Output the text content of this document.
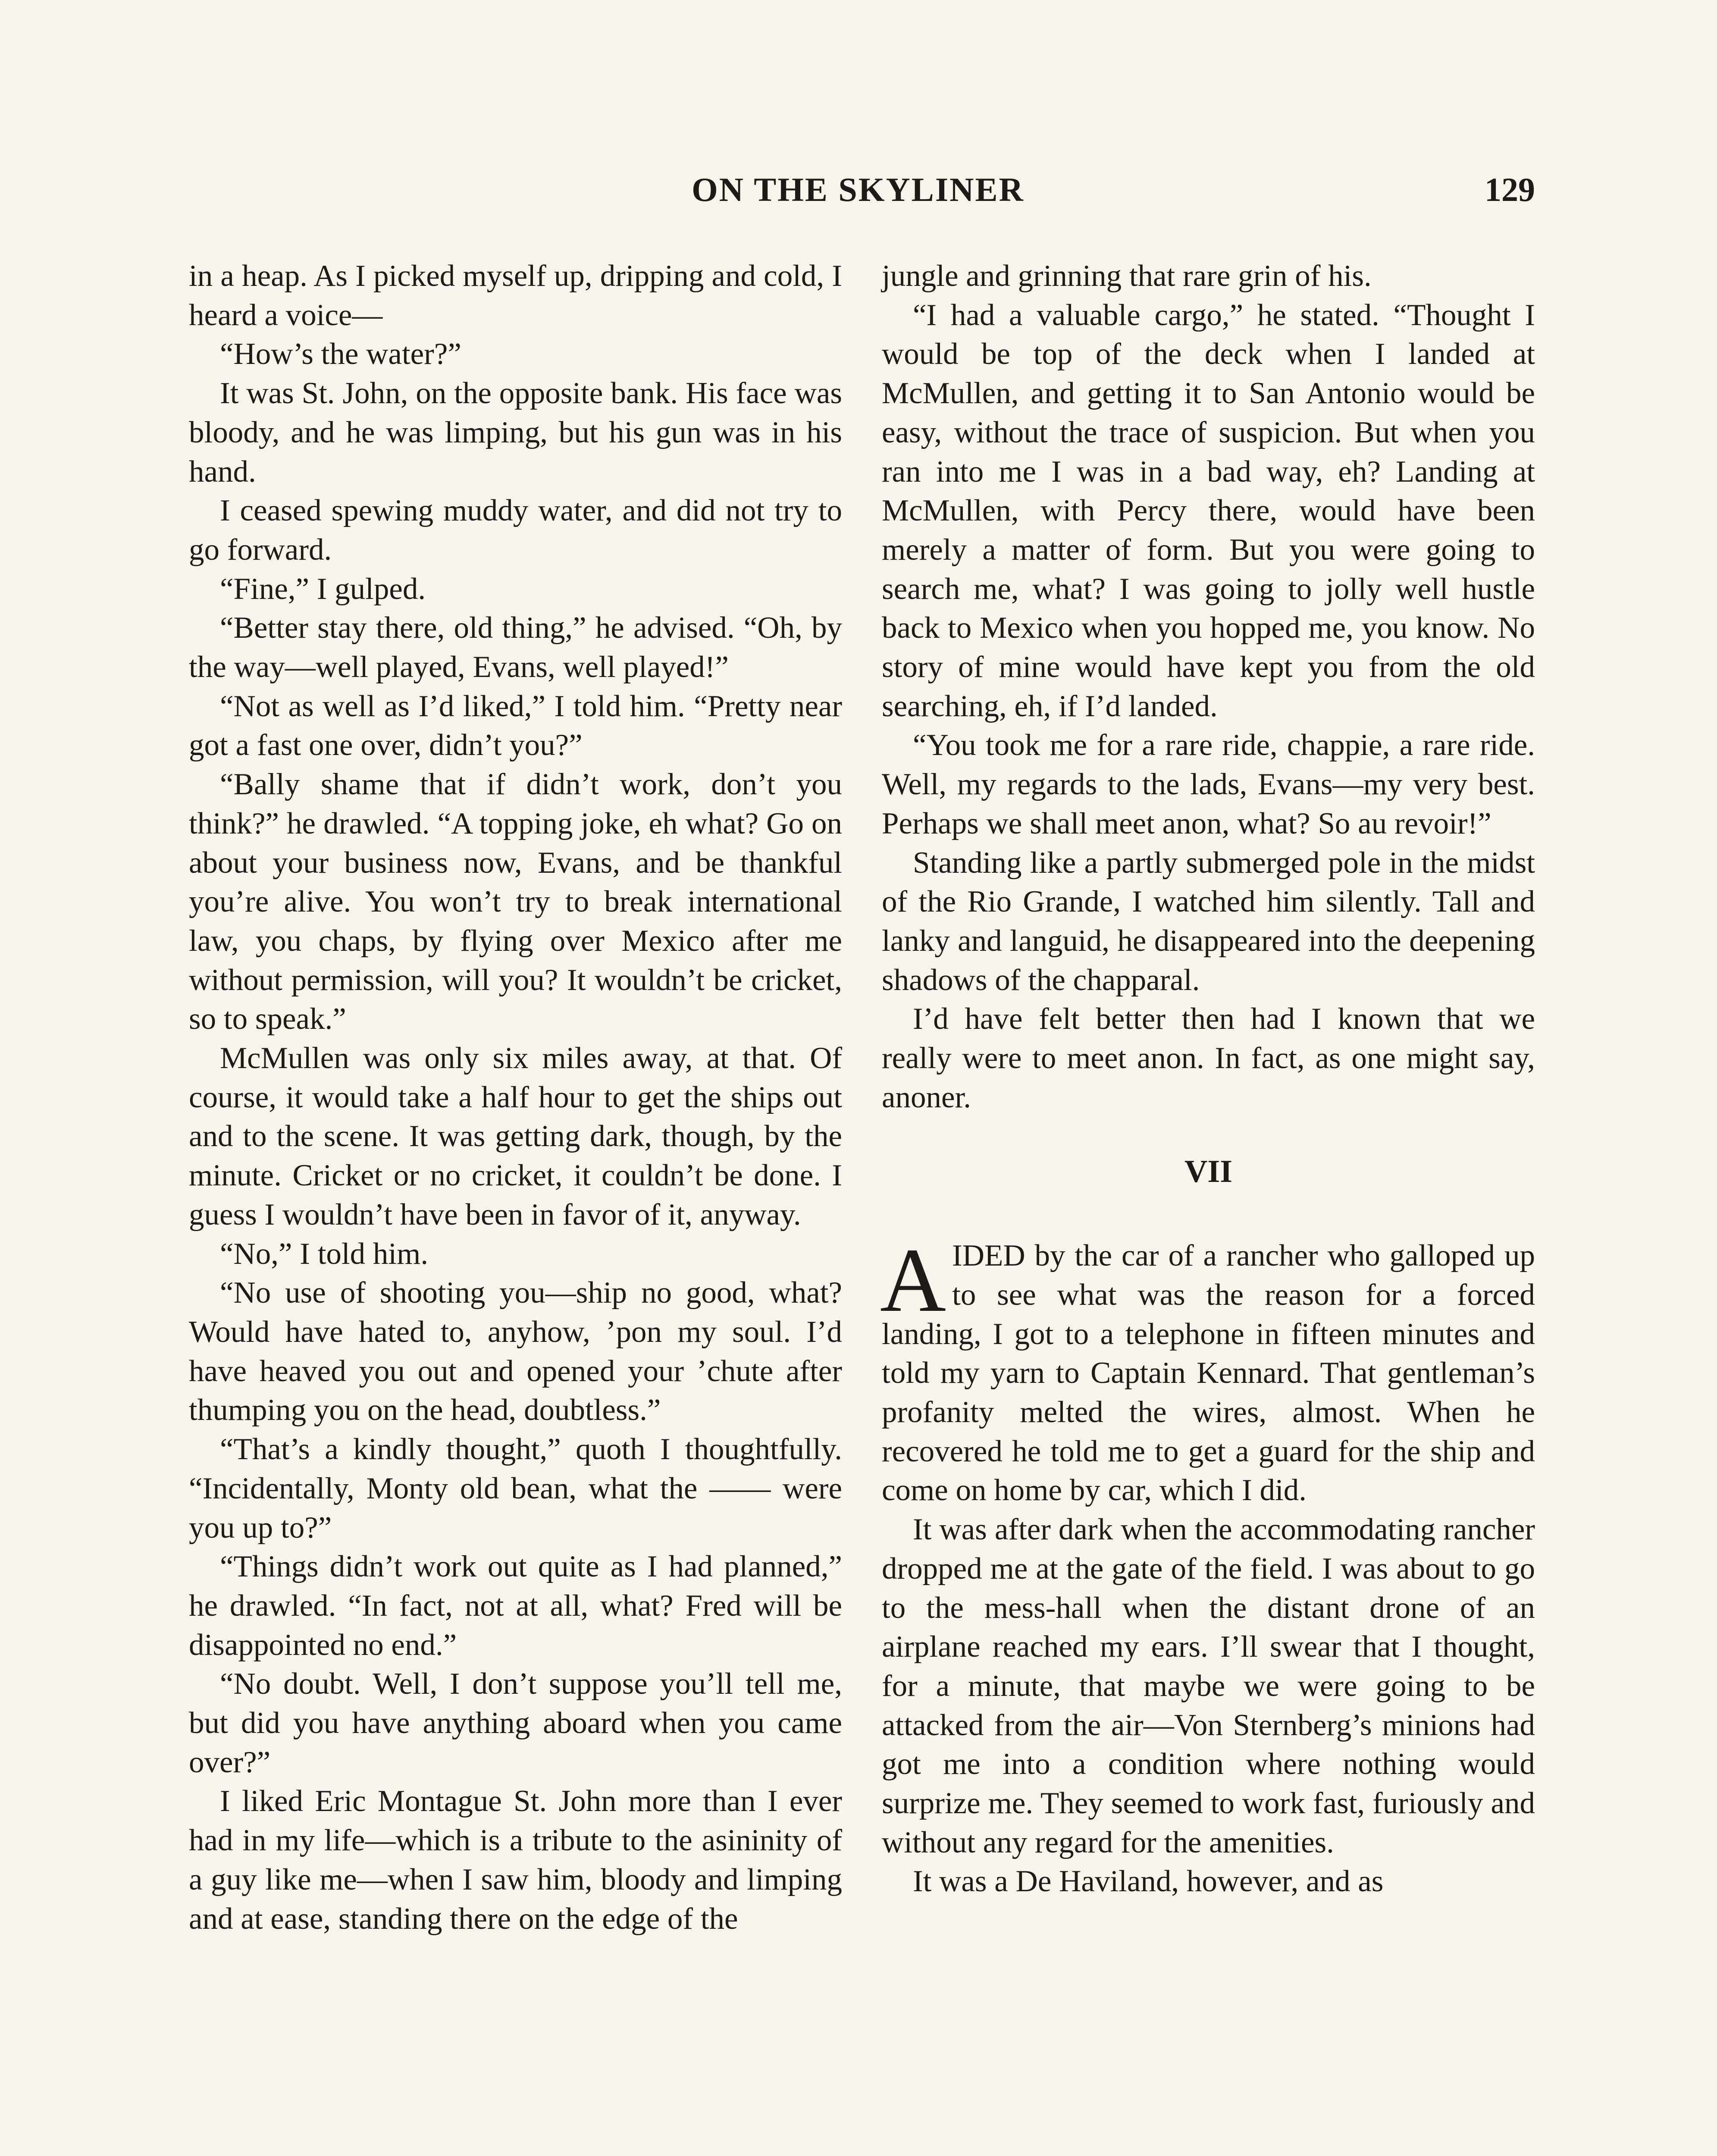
ON THE SKYLINER	129

in a heap. As I picked myself up, dripping and cold, I heard a voice—

“How’s the water?”

It was St. John, on the opposite bank. His face was bloody, and he was limping, but his gun was in his hand.

I ceased spewing muddy water, and did not try to go forward.

“Fine,” I gulped.

“Better stay there, old thing,” he advised. “Oh, by the way—well played, Evans, well played!”

“Not as well as I’d liked,” I told him. “Pretty near got a fast one over, didn’t you?”

“Bally shame that if didn’t work, don’t you think?” he drawled. “A topping joke, eh what? Go on about your business now, Evans, and be thankful you’re alive. You won’t try to break international law, you chaps, by flying over Mexico after me without permission, will you? It wouldn’t be cricket, so to speak.”

McMullen was only six miles away, at that. Of course, it would take a half hour to get the ships out and to the scene. It was getting dark, though, by the minute. Cricket or no cricket, it couldn’t be done. I guess I wouldn’t have been in favor of it, anyway.

“No,” I told him.

“No use of shooting you—ship no good, what? Would have hated to, anyhow, ’pon my soul. I’d have heaved you out and opened your ’chute after thumping you on the head, doubtless.”

“That’s a kindly thought,” quoth I thoughtfully. “Incidentally, Monty old bean, what the —— were you up to?”

“Things didn’t work out quite as I had planned,” he drawled. “In fact, not at all, what? Fred will be disappointed no end.”

“No doubt. Well, I don’t suppose you’ll tell me, but did you have anything aboard when you came over?”

I liked Eric Montague St. John more than I ever had in my life—which is a tribute to the asininity of a guy like me—when I saw him, bloody and limping and at ease, standing there on the edge of the

jungle and grinning that rare grin of his.

“I had a valuable cargo,” he stated. “Thought I would be top of the deck when I landed at McMullen, and getting it to San Antonio would be easy, without the trace of suspicion. But when you ran into me I was in a bad way, eh? Landing at McMullen, with Percy there, would have been merely a matter of form. But you were going to search me, what? I was going to jolly well hustle back to Mexico when you hopped me, you know. No story of mine would have kept you from the old searching, eh, if I’d landed.

“You took me for a rare ride, chappie, a rare ride. Well, my regards to the lads, Evans—my very best. Perhaps we shall meet anon, what? So au revoir!”

Standing like a partly submerged pole in the midst of the Rio Grande, I watched him silently. Tall and lanky and languid, he disappeared into the deepening shadows of the chapparal.

I’d have felt better then had I known that we really were to meet anon. In fact, as one might say, anoner.

VII

AIDED by the car of a rancher who galloped up to see what was the reason for a forced landing, I got to a telephone in fifteen minutes and told my yarn to Captain Kennard. That gentleman’s profanity melted the wires, almost. When he recovered he told me to get a guard for the ship and come on home by car, which I did.

It was after dark when the accommodating rancher dropped me at the gate of the field. I was about to go to the mess-hall when the distant drone of an airplane reached my ears. I’ll swear that I thought, for a minute, that maybe we were going to be attacked from the air—Von Sternberg’s minions had got me into a condition where nothing would surprize me. They seemed to work fast, furiously and without any regard for the amenities.

It was a De Haviland, however, and as
